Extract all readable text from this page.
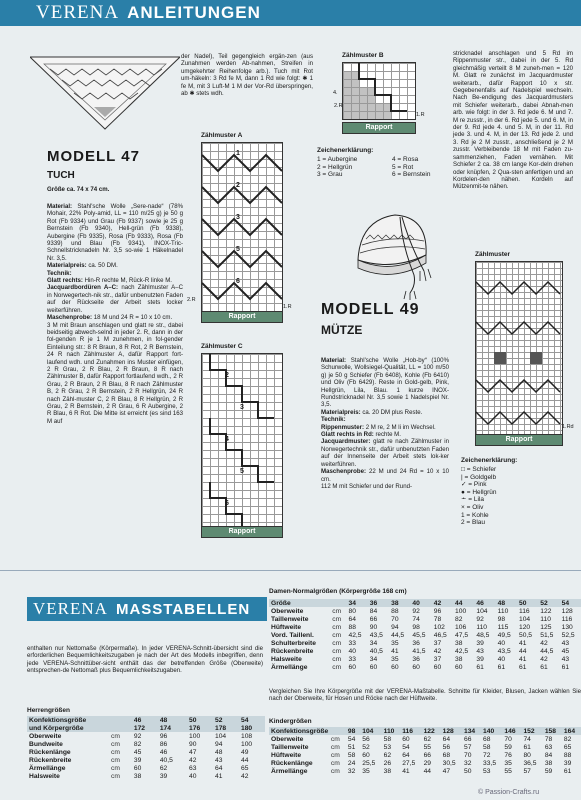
VERENA ANLEITUNGEN
der Nadel), Teil gegengleich ergän-zen (aus Zunahmen werden Ab-nahmen, Streifen in umgekehrter Reihenfolge arb.). Tuch mit Rot um-häkeln: 3 Rd fe M, dann 1 Rd wie folgt: ✱ 1 fe M, mit 3 Luft-M 1 M der Vor-Rd überspringen, ab ✱ stets wdh.
MODELL 47
TUCH
Größe ca. 74 x 74 cm.
Material: Stahl'sche Wolle „Sere-nade“ (78% Mohair, 22% Poly-amid, LL = 110 m/25 g) je 50 g Rot (Fb 9334) und Grau (Fb 9337) sowie je 25 g Bernstein (Fb 9340), Hell-grün (Fb 9338), Aubergine (Fb 9335), Rosa (Fb 9333), Rosa (Fb 9339) und Blau (Fb 9341). INOX-Tric-Schnellstricknadeln Nr. 3,5 so-wie 1 Häkelnadel Nr. 3,5.
Materialpreis: ca. 50 DM.
Technik:
Glatt rechts: Hin-R rechte M, Rück-R linke M.
Jacquardbordüren A–C: nach Zählmuster A–C in Norwegertech-nik str., dafür unbenutzten Faden auf der Rückseite der Arbeit stets locker weiterführen.
Maschenprobe: 18 M und 24 R = 10 x 10 cm.
3 M mit Braun anschlagen und glatt re str., dabei beidseitig abwech-selnd in jeder 2. R, dann in der fol-genden R je 1 M zunehmen, in fol-gender Einteilung str.: 8 R Braun, 8 R Rot, 2 R Bernstein, 24 R nach Zählmuster A, dafür Rapport fort-laufend wdh. und Zunahmen ins Muster einfügen, 2 R Grau, 2 R Blau, 2 R Braun, 8 R nach Zählmuster B, dafür Rapport fortlaufend wdh., 2 R Grau, 2 R Braun, 2 R Blau, 8 R nach Zählmuster B, 2 R Grau, 2 R Bernstein, 2 R Hellgrün, 24 R nach Zähl-muster C, 2 R Blau, 8 R Hellgrün, 2 R Grau, 2 R Bernstein, 2 R Grau, 6 R Aubergine, 2 R Blau, 6 R Rot. Die Mitte ist erreicht (es sind 163 M auf
Zählmuster A
1
2
3
5
6
2.R
1.R
Rapport
Zählmuster B
4.
2.R
1.R
Rapport
Zeichenerklärung:
1 = Aubergine
2 = Hellgrün
3 = Grau
4 = Rosa
5 = Rot
6 = Bernstein
Zählmuster C
2
3
4
5
6
Rapport
MODELL 49
MÜTZE
Material: Stahl'sche Wolle „Hob-by“ (100% Schurwolle, Wollsiegel-Qualität, LL = 100 m/50 g) je 50 g Schiefer (Fb 6408), Kohle (Fb 6410) und Oliv (Fb 6429). Reste in Gold-gelb, Pink, Hellgrün, Lila, Blau. 1 kurze INOX-Rundstricknadel Nr. 3,5 sowie 1 Nadelspiel Nr. 3,5.
Materialpreis: ca. 20 DM plus Reste.
Technik:
Rippenmuster: 2 M re, 2 M li im Wechsel.
Glatt rechts in Rd: rechte M.
Jacquardmuster: glatt re nach Zählmuster in Norwegertechnik str., dafür unbenutzten Faden auf der Innenseite der Arbeit stets lok-ker weiterführen.
Maschenprobe: 22 M und 24 Rd = 10 x 10 cm.
112 M mit Schiefer und der Rund-
stricknadel anschlagen und 5 Rd im Rippenmuster str., dabei in der 5. Rd gleichmäßig verteilt 8 M zuneh-men = 120 M. Glatt re zunächst im Jacquardmuster weiterarb., dafür Rapport 10 x str. Gegebenenfalls auf Nadelspiel wechseln. Nach Be-endigung des Jacquardmusters mit Schiefer weiterarb., dabei Abnah-men arb. wie folgt: in der 3. Rd jede 6. M und 7. M re zusstr., in der 6. Rd jede 5. und 6. M, in der 9. Rd jede 4. und 5. M, in der 11. Rd jede 3. und 4. M, in der 13. Rd jede 2. und 3. Rd je 2 M zusstr., anschließend je 2 M zusstr. Verbleibende 18 M mit Faden zu-sammenziehen, Faden vernähen. Mit Schiefer 2 ca. 38 cm lange Kor-deln drehen oder knüpfen, 2 Qua-sten anfertigen und an Kordelen-den nähen. Kordeln auf Mützenmit-te nähen.
Zählmuster
1.Rd
Rapport
Zeichenerklärung:
□ = Schiefer
| = Goldgelb
✓ = Pink
● = Hellgrün
∸ = Lila
× = Oliv
1 = Kohle
2 = Blau
VERENA MASSTABELLEN
enthalten nur Nettomaße (Körpermaße). In jeder VERENA-Schnitt-übersicht sind die erforderlichen Bequemlichkeitszugaben je nach der Art des Modells inbegriffen, denn jede VERENA-Schnittüber-sicht enthält das der betreffenden Größe (Oberweite) entsprechen-de Nettomaß plus Bequemlichkeitszugaben.
Herrengrößen
Konfektionsgröße		46	48	50	52	54
und Körpergröße		172	174	176	178	180
Oberweite	cm	92	96	100	104	108
Bundweite	cm	82	86	90	94	100
Rückenlänge	cm	45	46	47	48	49
Rückenbreite	cm	39	40,5	42	43	44
Ärmellänge	cm	60	62	63	64	65
Halsweite	cm	38	39	40	41	42
Damen-Normalgrößen (Körpergröße 168 cm)
Größe		34	36	38	40	42	44	46	48	50	52	54
Oberweite	cm	80	84	88	92	96	100	104	110	116	122	128
Taillenweite	cm	64	66	70	74	78	82	92	98	104	110	116
Hüftweite	cm	88	90	94	98	102	106	110	115	120	125	130
Vord. Taillenl.	cm	42,5	43,5	44,5	45,5	46,5	47,5	48,5	49,5	50,5	51,5	52,5
Schulterbreite	cm	33	34	35	36	37	38	39	40	41	42	43
Rückenbreite	cm	40	40,5	41	41,5	42	42,5	43	43,5	44	44,5	45
Halsweite	cm	33	34	35	36	37	38	39	40	41	42	43
Ärmellänge	cm	60	60	60	60	60	60	61	61	61	61	61
Vergleichen Sie Ihre Körpergröße mit der VERENA-Maßtabelle. Schnitte für Kleider, Blusen, Jacken wählen Sie nach der Oberweite, für Hosen und Röcke nach der Hüftweite.
Kindergrößen
Konfektionsgröße		98	104	110	116	122	128	134	140	146	152	158	164

Oberweite	cm	54	56	58	60	62	64	66	68	70	74	78	82
Taillenweite	cm	51	52	53	54	55	56	57	58	59	61	63	65
Hüftweite	cm	58	60	62	64	66	68	70	72	76	80	84	88
Rückenlänge	cm	24	25,5	26	27,5	29	30,5	32	33,5	35	36,5	38	39
Ärmellänge	cm	32	35	38	41	44	47	50	53	55	57	59	61
© Passion-Crafts.ru
